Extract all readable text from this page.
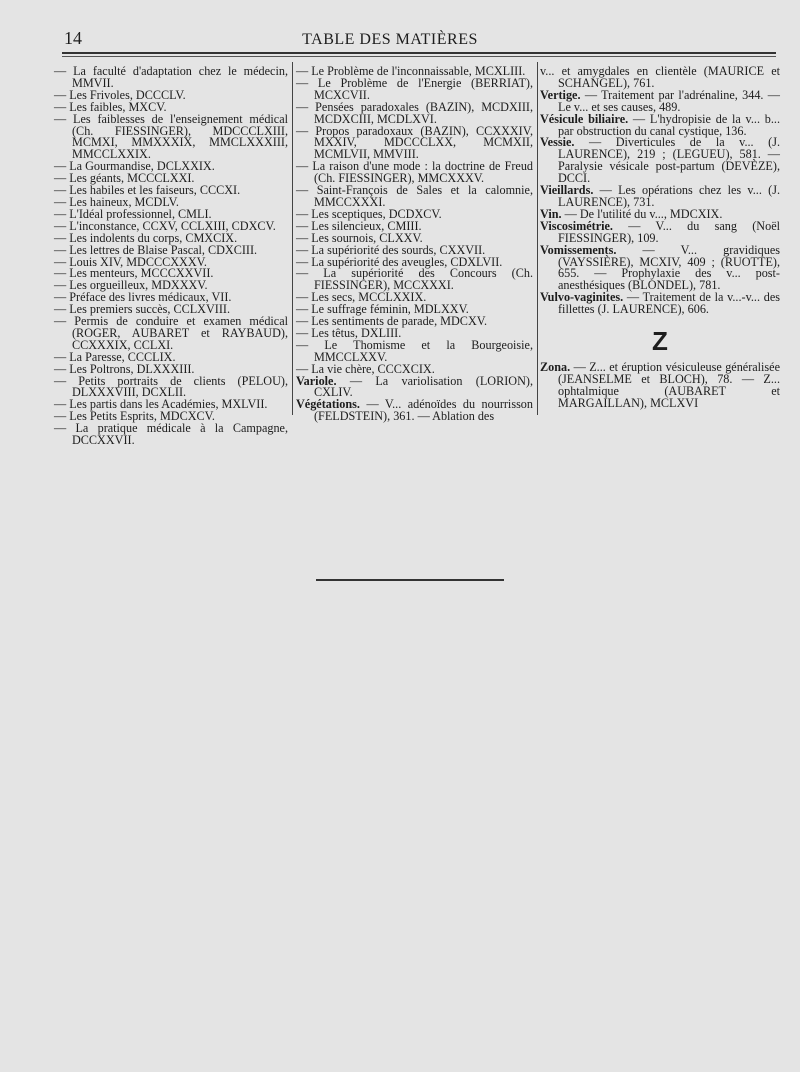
14	TABLE DES MATIÈRES
— La faculté d'adaptation chez le médecin, MMVII.
— Les Frivoles, DCCCLV.
— Les faibles, MXCV.
— Les faiblesses de l'enseignement médical (Ch. FIESSINGER), MDCCCLXIII, MCMXI, MMXXXIX, MMCLXXXIII, MMCCLXXIX.
— La Gourmandise, DCLXXIX.
— Les géants, MCCCLXXI.
— Les habiles et les faiseurs, CCCXI.
— Les haineux, MCDLV.
— L'Idéal professionnel, CMLI.
— L'inconstance, CCXV, CCLXIII, CDXCV.
— Les indolents du corps, CMXCIX.
— Les lettres de Blaise Pascal, CDXCIII.
— Louis XIV, MDCCCXXXV.
— Les menteurs, MCCCXXVII.
— Les orgueilleux, MDXXXV.
— Préface des livres médicaux, VII.
— Les premiers succès, CCLXVIII.
— Permis de conduire et examen médical (ROGER, AUBARET et RAYBAUD), CCXXXIX, CCLXI.
— La Paresse, CCCLIX.
— Les Poltrons, DLXXXIII.
— Petits portraits de clients (PELOU), DLXXXVIII, DCXLII.
— Les partis dans les Académies, MXLVII.
— Les Petits Esprits, MDCXCV.
— La pratique médicale à la Campagne, DCCXXVII.
— Le Problème de l'inconnaissable, MCXLIII.
— Le Problème de l'Energie (BERRIAT), MCXCVII.
— Pensées paradoxales (BAZIN), MCDXIII, MCDXCIII, MCDLXVI.
— Propos paradoxaux (BAZIN), CCXXXIV, MXXIV, MDCCCLXX, MCMXII, MCMLVII, MMVIII.
— La raison d'une mode : la doctrine de Freud (Ch. FIESSINGER), MMCXXXV.
— Saint-François de Sales et la calomnie, MMCCXXXI.
— Les sceptiques, DCDXCV.
— Les silencieux, CMIII.
— Les sournois, CLXXV.
— La supériorité des sourds, CXXVII.
— La supériorité des aveugles, CDXLVII.
— La supériorité des Concours (Ch. FIESSINGER), MCCXXXI.
— Les secs, MCCLXXIX.
— Le suffrage féminin, MDLXXV.
— Les sentiments de parade, MDCXV.
— Les têtus, DXLIII.
— Le Thomisme et la Bourgeoisie, MMCCLXXV.
— La vie chère, CCCXCIX.
Variole. — La variolisation (LORION), CXLIV.
Végétations. — V... adénoïdes du nourrisson (FELDSTEIN), 361. — Ablation des
v... et amygdales en clientèle (MAURICE et SCHANGEL), 761.
Vertige. — Traitement par l'adrénaline, 344. — Le v... et ses causes, 489.
Vésicule biliaire. — L'hydropisie de la v... b... par obstruction du canal cystique, 136.
Vessie. — Diverticules de la v... (J. LAURENCE), 219 ; (LEGUEU), 581. — Paralysie vésicale post-partum (DEVÈZE), DCCI.
Vieillards. — Les opérations chez les v... (J. LAURENCE), 731.
Vin. — De l'utilité du v..., MDCXIX.
Viscosimétrie. — V... du sang (Noël FIESSINGER), 109.
Vomissements. — V... gravidiques (VAYSSIÈRE), MCXIV, 409 ; (RUOTTE), 655. — Prophylaxie des v... post-anesthésiques (BLONDEL), 781.
Vulvo-vaginites. — Traitement de la v...-v... des fillettes (J. LAURENCE), 606.
Z
Zona. — Z... et éruption vésiculeuse généralisée (JEANSELME et BLOCH), 78. — Z... ophtalmique (AUBARET et MARGAILLAN), MCLXVI
